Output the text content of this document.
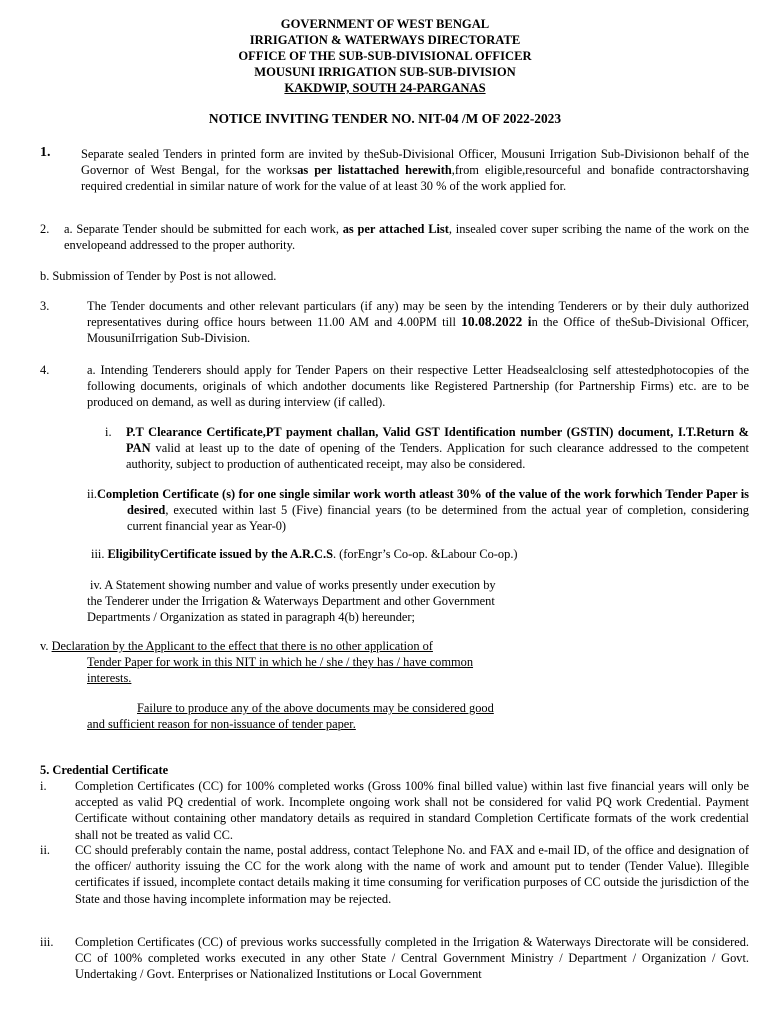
GOVERNMENT OF WEST BENGAL
IRRIGATION & WATERWAYS DIRECTORATE
OFFICE OF THE SUB-SUB-DIVISIONAL OFFICER
MOUSUNI IRRIGATION SUB-SUB-DIVISION
KAKDWIP, SOUTH 24-PARGANAS
NOTICE INVITING TENDER NO. NIT-04 /M OF 2022-2023
1. Separate sealed Tenders in printed form are invited by theSub-Divisional Officer, Mousuni Irrigation Sub-Divisionon behalf of the Governor of West Bengal, for the worksas per listattached herewith,from eligible,resourceful and bonafide contractorshaving required credential in similar nature of work for the value of at least 30 % of the work applied for.
2. a. Separate Tender should be submitted for each work, as per attached List, insealed cover super scribing the name of the work on the envelopeand addressed to the proper authority.
b. Submission of Tender by Post is not allowed.
3.	The Tender documents and other relevant particulars (if any) may be seen by the intending Tenderers or by their duly authorized representatives during office hours between 11.00 AM and 4.00PM till 10.08.2022 in the Office of theSub-Divisional Officer, MousuniIrrigation Sub-Division.
4.	a. Intending Tenderers should apply for Tender Papers on their respective Letter Headsealclosing self attestedphotocopies of the following documents, originals of which andother documents like Registered Partnership (for Partnership Firms) etc. are to be produced on demand, as well as during interview (if called).
i. P.T Clearance Certificate,PT payment challan, Valid GST Identification number (GSTIN) document, I.T.Return & PAN valid at least up to the date of opening of the Tenders. Application for such clearance addressed to the competent authority, subject to production of authenticated receipt, may also be considered.
ii.Completion Certificate (s) for one single similar work worth atleast 30% of the value of the work forwhich Tender Paper is desired, executed within last 5 (Five) financial years (to be determined from the actual year of completion, considering current financial year as Year-0)
iii. EligibilityCertificate issued by the A.R.C.S. (forEngr’s Co-op. &Labour Co-op.)
iv. A Statement showing number and value of works presently under execution by
the Tenderer under the Irrigation & Waterways Department and other Government
Departments / Organization as stated in paragraph 4(b) hereunder;
v. Declaration by the Applicant to the effect that there is no other application of
Tender Paper for work in this NIT in which he / she / they has / have common
interests.
Failure to produce any of the above documents may be considered good
and sufficient reason for non-issuance of tender paper.
5. Credential Certificate
i. Completion Certificates (CC) for 100% completed works (Gross 100% final billed value) within last five financial years will only be accepted as valid PQ credential of work. Incomplete ongoing work shall not be considered for valid PQ work Credential. Payment Certificate without containing other mandatory details as required in standard Completion Certificate formats of the work credential shall not be treated as valid CC.
ii. CC should preferably contain the name, postal address, contact Telephone No. and FAX and e-mail ID, of the office and designation of the officer/ authority issuing the CC for the work along with the name of work and amount put to tender (Tender Value). Illegible certificates if issued, incomplete contact details making it time consuming for verification purposes of CC outside the jurisdiction of the State and those having incomplete information may be rejected.
iii. Completion Certificates (CC) of previous works successfully completed in the Irrigation & Waterways Directorate will be considered. CC of 100% completed works executed in any other State / Central Government Ministry / Department / Organization / Govt. Undertaking / Govt. Enterprises or Nationalized Institutions or Local Government
